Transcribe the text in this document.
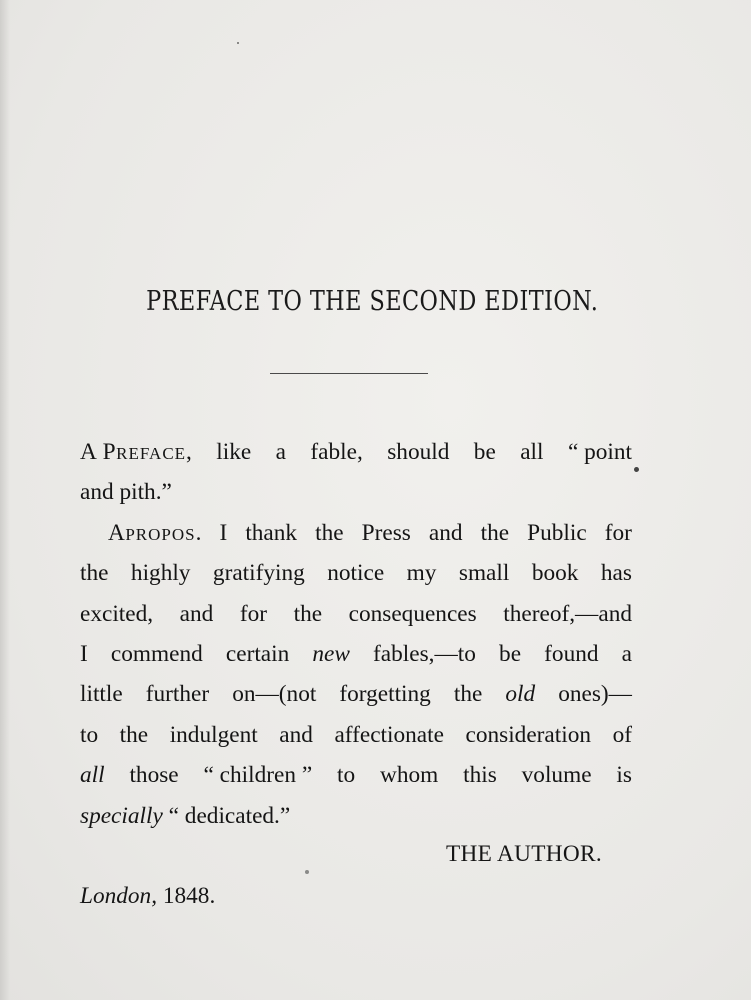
PREFACE TO THE SECOND EDITION.
A PREFACE, like a fable, should be all “ point
and
pith.”
APROPOS. I thank the Press and the Public for
the highly gratifying notice my small book has
excited, and for the consequences thereof,—and
I commend certain new fables,—to be found a
little further on—(not forgetting the old ones)—
to the indulgent and affectionate consideration of
all those “ children ” to whom this volume is
specially
“ dedicated.”
THE AUTHOR.
London, 1848.
